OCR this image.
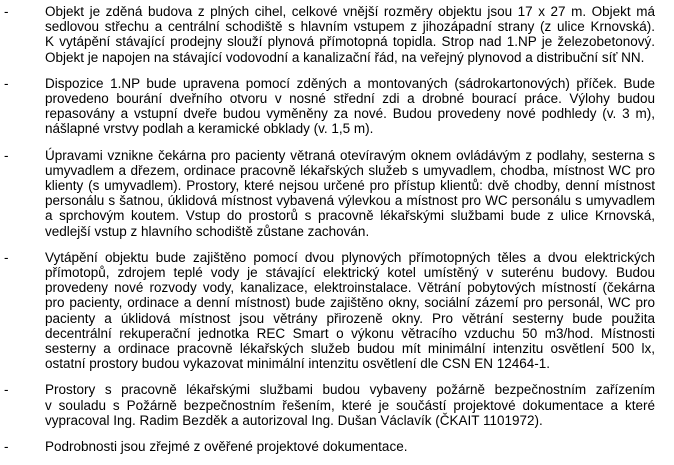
-	Objekt je zděná budova z plných cihel, celkové vnější rozměry objektu jsou 17 x 27 m. Objekt má
sedlovou střechu a centrální schodiště s hlavním vstupem z jihozápadní strany (z ulice Krnovská).
K vytápění stávající prodejny slouží plynová přímotopná topidla. Strop nad 1.NP je železobetonový.
Objekt je napojen na stávající vodovodní a kanalizační řád, na veřejný plynovod a distribuční síť NN.
-	Dispozice 1.NP bude upravena pomocí zděných a montovaných (sádrokartonových) příček. Bude
provedeno bourání dveřního otvoru v nosné střední zdi a drobné bourací práce. Výlohy budou
repasovány a vstupní dveře budou vyměněny za nové. Budou provedeny nové podhledy (v. 3 m),
nášlapné vrstvy podlah a keramické obklady (v. 1,5 m).
-	Úpravami vznikne čekárna pro pacienty větraná otevíravým oknem ovládávým z podlahy, sesterna s
umyvadlem a dřezem, ordinace pracovně lékařských služeb s umyvadlem, chodba, místnost WC pro
klienty (s umyvadlem). Prostory, které nejsou určené pro přístup klientů: dvě chodby, denní místnost
personálu s šatnou, úklidová místnost vybavená výlevkou a místnost pro WC personálu s umyvadlem
a sprchovým koutem. Vstup do prostorů s pracovně lékařskými službami bude z ulice Krnovská,
vedlejší vstup z hlavního schodiště zůstane zachován.
-	Vytápění objektu bude zajištěno pomocí dvou plynových přímotopných těles a dvou elektrických
přímotopů, zdrojem teplé vody je stávající elektrický kotel umístěný v suterénu budovy. Budou
provedeny nové rozvody vody, kanalizace, elektroinstalace. Větrání pobytových místností (čekárna
pro pacienty, ordinace a denní místnost) bude zajištěno okny, sociální zázemí pro personál, WC pro
pacienty a úklidová místnost jsou větrány přirozeně okny. Pro větrání sesterny bude použita
decentrální rekuperační jednotka REC Smart o výkonu větracího vzduchu 50 m3/hod. Místnosti
sesterny a ordinace pracovně lékařských služeb budou mít minimální intenzitu osvětlení 500 lx,
ostatní prostory budou vykazovat minimální intenzitu osvětlení dle CSN EN 12464-1.
-	Prostory s pracovně lékařskými službami budou vybaveny požárně bezpečnostním zařízením
v souladu s Požárně bezpečnostním řešením, které je součástí projektové dokumentace a které
vypracoval Ing. Radim Bezděk a autorizoval Ing. Dušan Václavík (ČKAIT 1101972).
-	Podrobnosti jsou zřejmé z ověřené projektové dokumentace.
